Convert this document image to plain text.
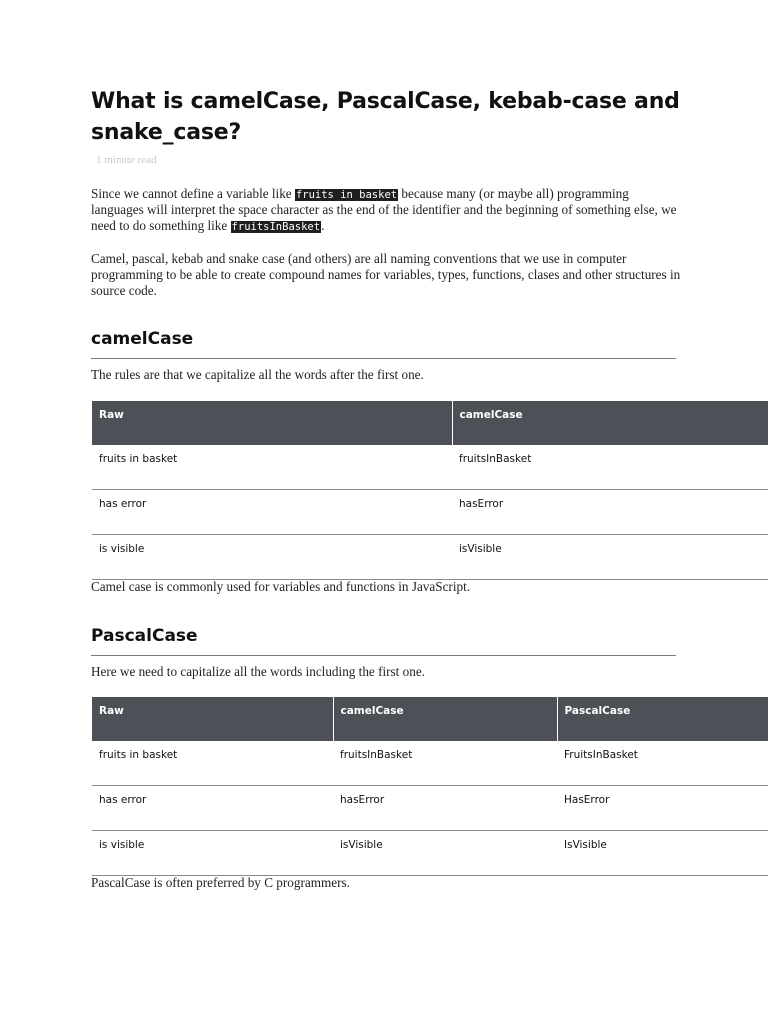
What is camelCase, PascalCase, kebab-case and snake_case?
1 minute read

Since we cannot define a variable like fruits in basket because many (or maybe all) programming languages will interpret the space character as the end of the identifier and the beginning of something else, we need to do something like fruitsInBasket.

Camel, pascal, kebab and snake case (and others) are all naming conventions that we use in computer programming to be able to create compound names for variables, types, functions, clases and other structures in source code.

camelCase

The rules are that we capitalize all the words after the first one.

Raw	camelCase
fruits in basket	fruitsInBasket
has error	hasError
is visible	isVisible

Camel case is commonly used for variables and functions in JavaScript.

PascalCase

Here we need to capitalize all the words including the first one.

Raw	camelCase	PascalCase
fruits in basket	fruitsInBasket	FruitsInBasket
has error	hasError	HasError
is visible	isVisible	IsVisible

PascalCase is often preferred by C programmers.
